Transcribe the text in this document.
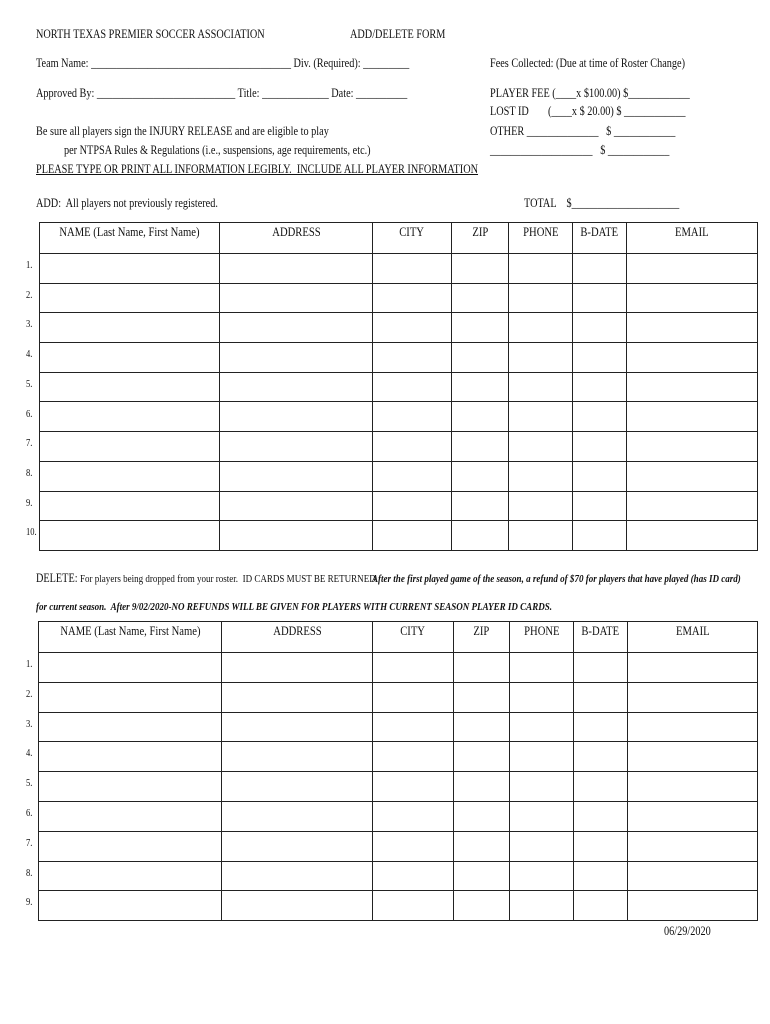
NORTH TEXAS PREMIER SOCCER ASSOCIATION	ADD/DELETE FORM
Team Name: _______________________________________ Div. (Required): _________
Approved By: ___________________________ Title: _____________ Date: __________
Fees Collected: (Due at time of Roster Change)
PLAYER FEE (____x $100.00) $____________
LOST ID (____x $ 20.00) $ ____________
OTHER ______________   $ ____________
____________________   $ ____________
Be sure all players sign the INJURY RELEASE and are eligible to play
per NTPSA Rules & Regulations (i.e., suspensions, age requirements, etc.)
PLEASE TYPE OR PRINT ALL INFORMATION LEGIBLY.  INCLUDE ALL PLAYER INFORMATION
ADD:  All players not previously registered.	TOTAL    $_____________________
NAME (Last Name, First Name)	ADDRESS	CITY	ZIP	PHONE	B-DATE	EMAIL

1.
2.
3.
4.
5.
6.
7.
8.
9.
10.
DELETE: For players being dropped from your roster.  ID CARDS MUST BE RETURNED.
After the first played game of the season, a refund of $70 for players that have played (has ID card)
for current season.  After 9/02/2020-NO REFUNDS WILL BE GIVEN FOR PLAYERS WITH CURRENT SEASON PLAYER ID CARDS.
NAME (Last Name, First Name)	ADDRESS	CITY	ZIP	PHONE	B-DATE	EMAIL

1.
2.
3.
4.
5.
6.
7.
8.
9.
06/29/2020
